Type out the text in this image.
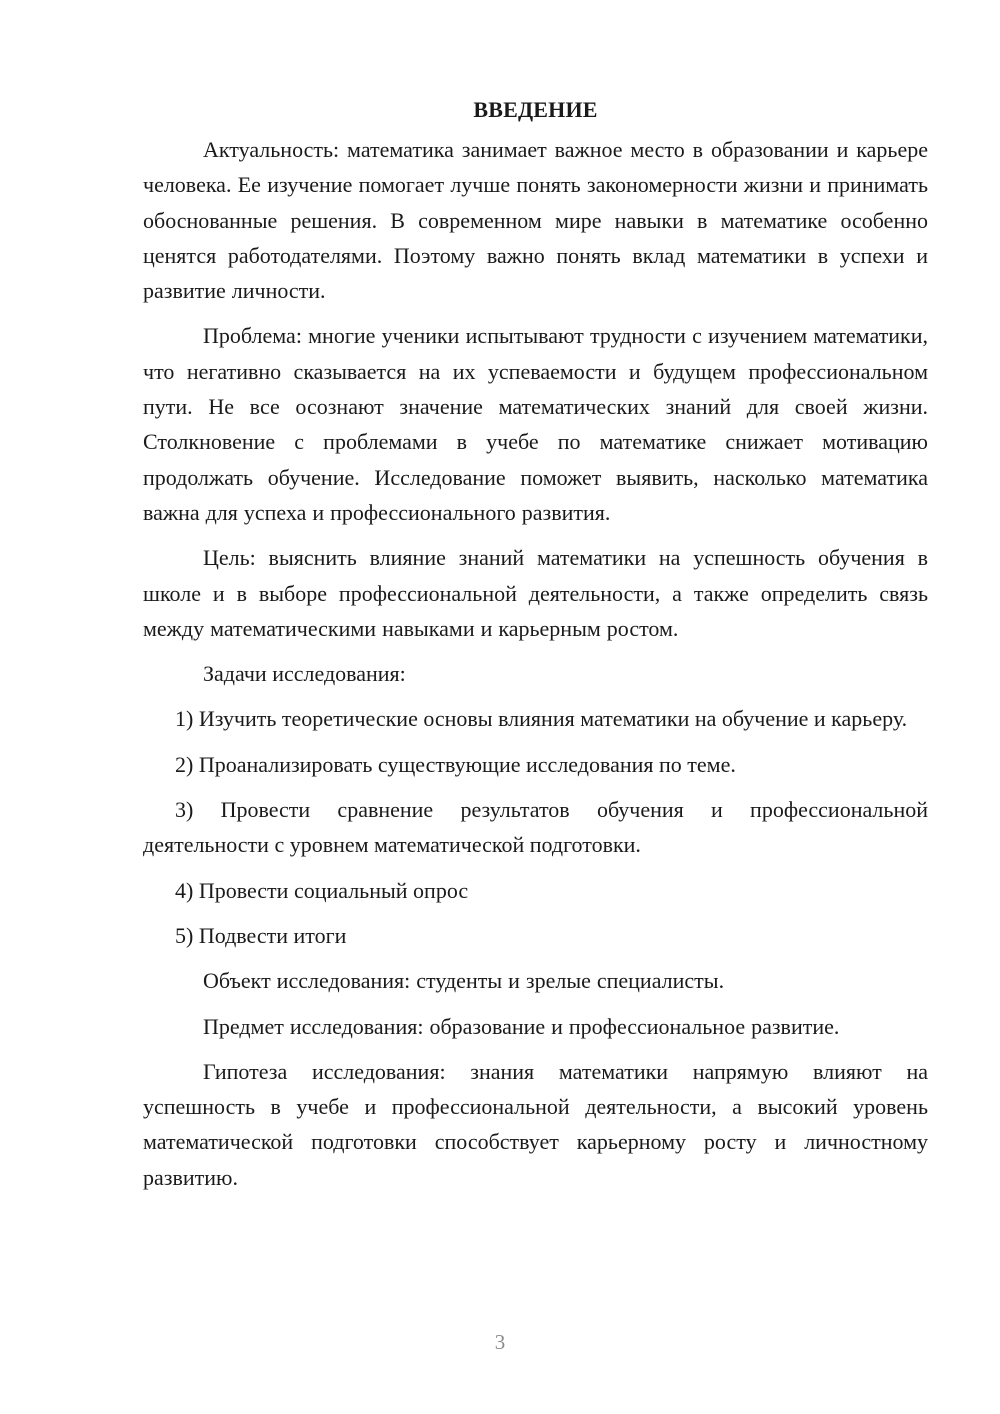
ВВЕДЕНИЕ

Актуальность: математика занимает важное место в образовании и карьере человека. Ее изучение помогает лучше понять закономерности жизни и принимать обоснованные решения. В современном мире навыки в математике особенно ценятся работодателями. Поэтому важно понять вклад математики в успехи и развитие личности.

Проблема: многие ученики испытывают трудности с изучением математики, что негативно сказывается на их успеваемости и будущем профессиональном пути. Не все осознают значение математических знаний для своей жизни. Столкновение с проблемами в учебе по математике снижает мотивацию продолжать обучение. Исследование поможет выявить, насколько математика важна для успеха и профессионального развития.

Цель: выяснить влияние знаний математики на успешность обучения в школе и в выборе профессиональной деятельности, а также определить связь между математическими навыками и карьерным ростом.

Задачи исследования:

1) Изучить теоретические основы влияния математики на обучение и карьеру.

2) Проанализировать существующие исследования по теме.

3) Провести сравнение результатов обучения и профессиональной деятельности с уровнем математической подготовки.

4) Провести социальный опрос

5) Подвести итоги

Объект исследования: студенты и зрелые специалисты.

Предмет исследования: образование и профессиональное развитие.

Гипотеза исследования: знания математики напрямую влияют на успешность в учебе и профессиональной деятельности, а высокий уровень математической подготовки способствует карьерному росту и личностному развитию.

3
